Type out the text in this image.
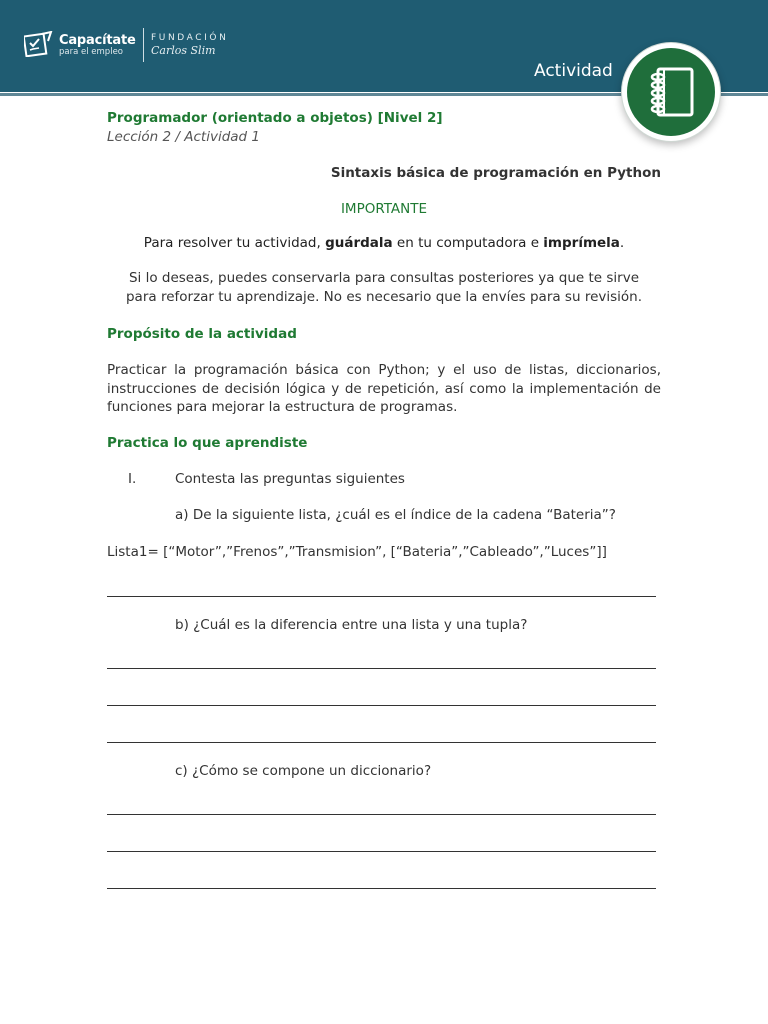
Capacítate
para el empleo
FUNDACIÓN
Carlos Slim
Actividad
Programador (orientado a objetos) [Nivel 2]
Lección 2 / Actividad 1
Sintaxis básica de programación en Python
IMPORTANTE
Para resolver tu actividad, guárdala en tu computadora e imprímela.
Si lo deseas, puedes conservarla para consultas posteriores ya que te sirve
para reforzar tu aprendizaje. No es necesario que la envíes para su revisión.
Propósito de la actividad
Practicar la programación básica con Python; y el uso de listas, diccionarios, instrucciones de decisión lógica y de repetición, así como la implementación de funciones para mejorar la estructura de programas.
Practica lo que aprendiste
I.	Contesta las preguntas siguientes
a) De la siguiente lista, ¿cuál es el índice de la cadena “Bateria”?
Lista1= [“Motor”,”Frenos”,”Transmision”, [“Bateria”,”Cableado”,”Luces”]]
b) ¿Cuál es la diferencia entre una lista y una tupla?
c) ¿Cómo se compone un diccionario?
